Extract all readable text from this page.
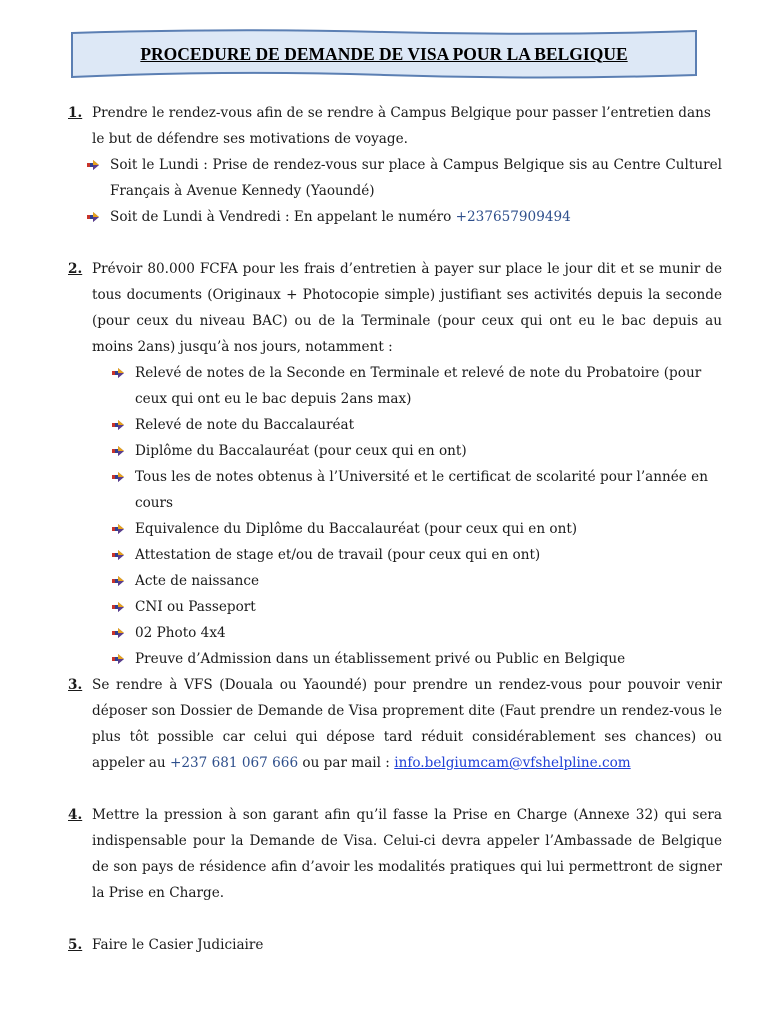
PROCEDURE DE DEMANDE DE VISA POUR LA BELGIQUE
1. Prendre le rendez-vous afin de se rendre à Campus Belgique pour passer l’entretien dans le but de défendre ses motivations de voyage.
Soit le Lundi : Prise de rendez-vous sur place à Campus Belgique sis au Centre Culturel Français à Avenue Kennedy (Yaoundé)
Soit de Lundi à Vendredi : En appelant le numéro +237657909494
2. Prévoir 80.000 FCFA pour les frais d’entretien à payer sur place le jour dit et se munir de tous documents (Originaux + Photocopie simple) justifiant ses activités depuis la seconde (pour ceux du niveau BAC) ou de la Terminale (pour ceux qui ont eu le bac depuis au moins 2ans) jusqu’à nos jours, notamment :
Relevé de notes de la Seconde en Terminale et relevé de note du Probatoire (pour ceux qui ont eu le bac depuis 2ans max)
Relevé de note du Baccalauréat
Diplôme du Baccalauréat (pour ceux qui en ont)
Tous les de notes obtenus à l’Université et le certificat de scolarité pour l’année en cours
Equivalence du Diplôme du Baccalauréat (pour ceux qui en ont)
Attestation de stage et/ou de travail (pour ceux qui en ont)
Acte de naissance
CNI ou Passeport
02 Photo 4x4
Preuve d’Admission dans un établissement privé ou Public en Belgique
3. Se rendre à VFS (Douala ou Yaoundé) pour prendre un rendez-vous pour pouvoir venir déposer son Dossier de Demande de Visa proprement dite (Faut prendre un rendez-vous le plus tôt possible car celui qui dépose tard réduit considérablement ses chances) ou appeler au +237 681 067 666 ou par mail : info.belgiumcam@vfshelpline.com
4. Mettre la pression à son garant afin qu’il fasse la Prise en Charge (Annexe 32) qui sera indispensable pour la Demande de Visa. Celui-ci devra appeler l’Ambassade de Belgique de son pays de résidence afin d’avoir les modalités pratiques qui lui permettront de signer la Prise en Charge.
5. Faire le Casier Judiciaire
